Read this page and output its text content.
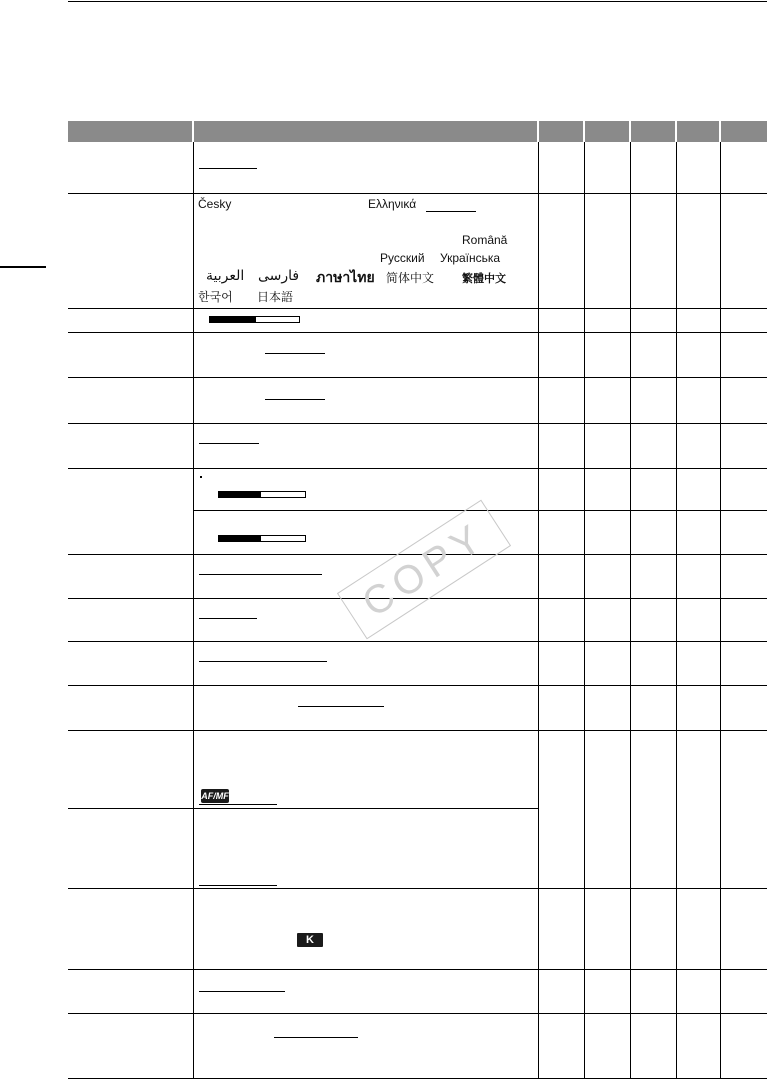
Česky	Ελληνικά
Română
Русский Українська
العربية فارسی ภาษาไทย 简体中文	繁體中文
한국어 日本語
AF/MF
K
COPY
